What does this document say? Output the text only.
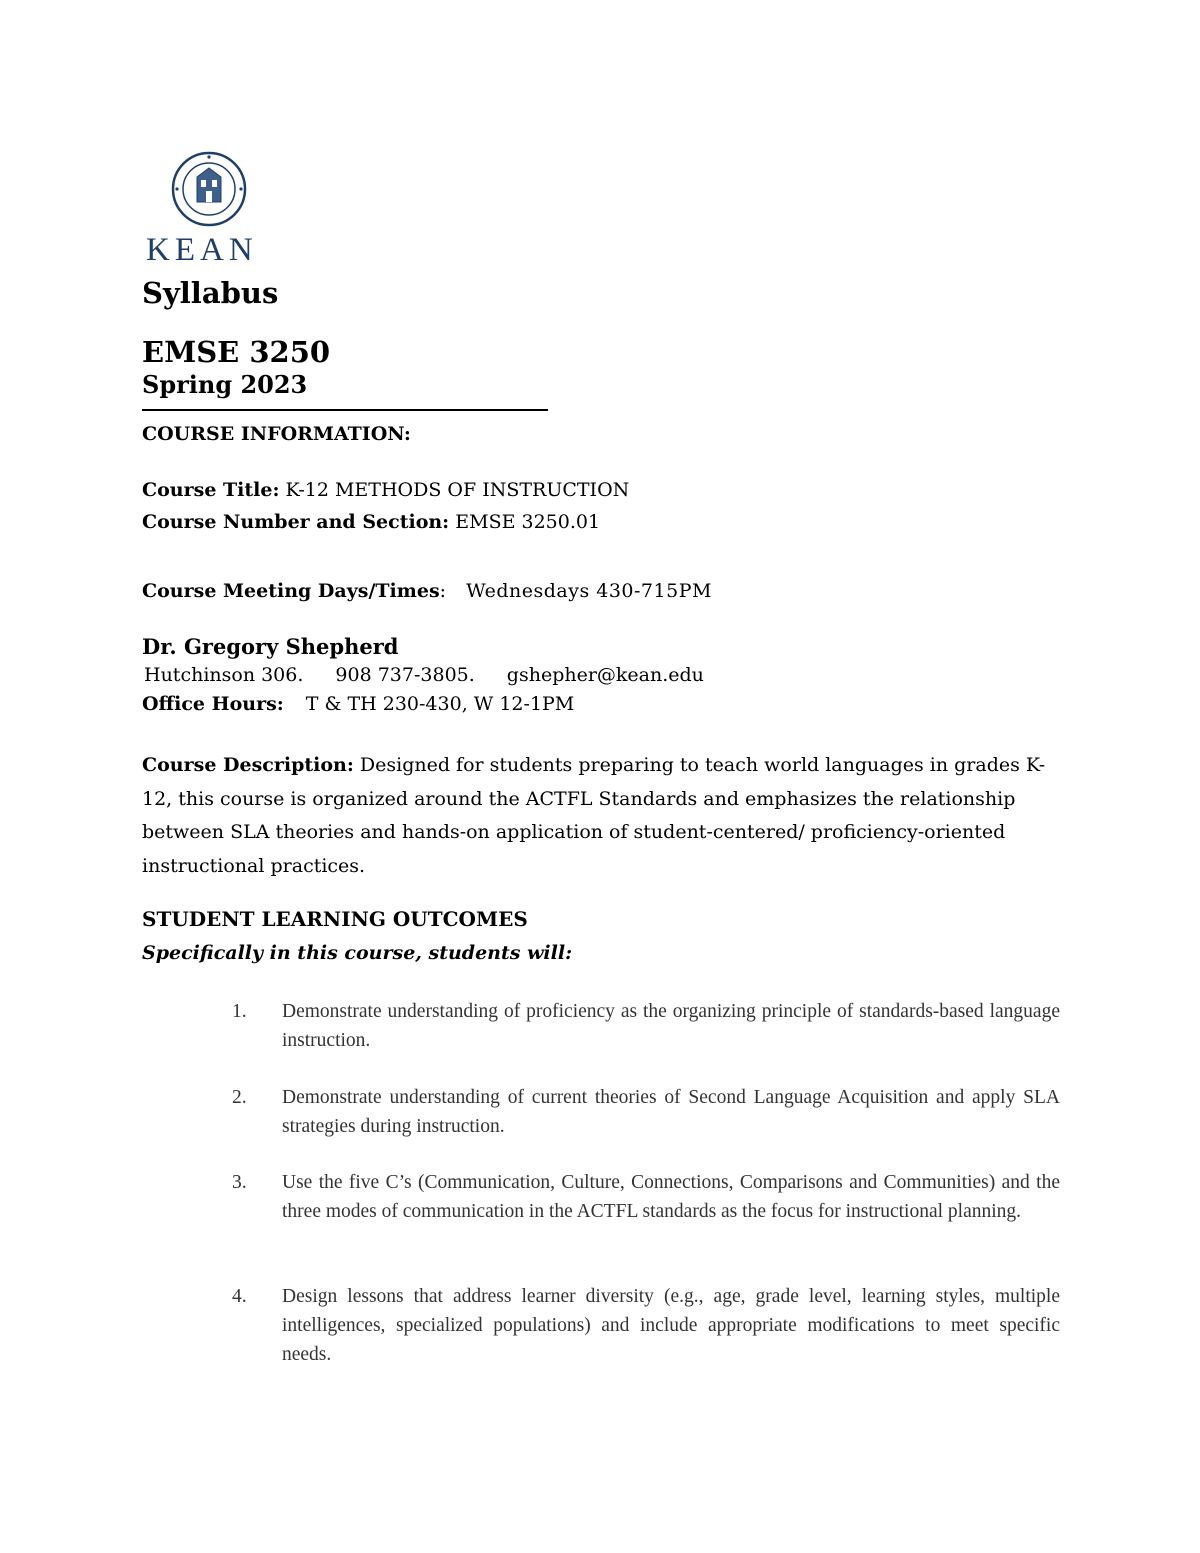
KEAN
Syllabus
EMSE 3250
Spring 2023
COURSE INFORMATION:
Course Title: K-12 METHODS OF INSTRUCTION
Course Number and Section: EMSE 3250.01
Course Meeting Days/Times: Wednesdays 430-715PM
Dr. Gregory Shepherd
Hutchinson 306. 908 737-3805. gshepher@kean.edu
Office Hours: T & TH 230-430, W 12-1PM
Course Description: Designed for students preparing to teach world languages in grades K-12, this course is organized around the ACTFL Standards and emphasizes the relationship between SLA theories and hands-on application of student-centered/ proficiency-oriented instructional practices.
STUDENT LEARNING OUTCOMES
Specifically in this course, students will:
1. Demonstrate understanding of proficiency as the organizing principle of standards-based language instruction.
2. Demonstrate understanding of current theories of Second Language Acquisition and apply SLA strategies during instruction.
3. Use the five C’s (Communication, Culture, Connections, Comparisons and Communities) and the three modes of communication in the ACTFL standards as the focus for instructional planning.
4. Design lessons that address learner diversity (e.g., age, grade level, learning styles, multiple intelligences, specialized populations) and include appropriate modifications to meet specific needs.
